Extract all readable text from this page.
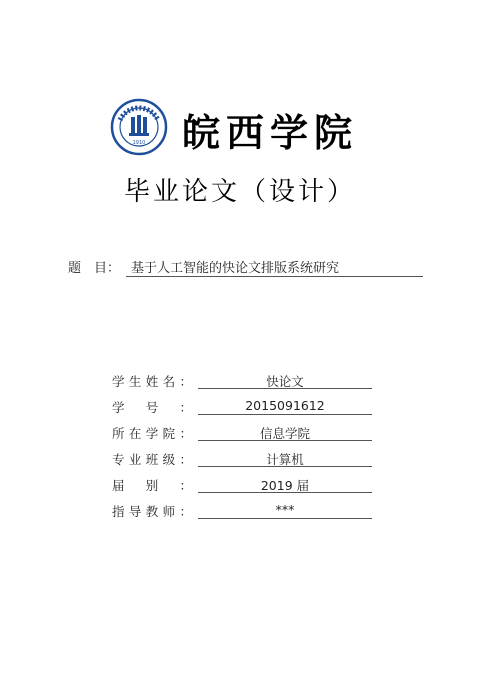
1910 皖西学院
毕业论文（设计）
题　目： 基于人工智能的快论文排版系统研究
学 生 姓 名 ：	快论文
学 号 ：	2015091612
所 在 学 院 ：	信息学院
专 业 班 级 ：	计算机
届 别 ：	2019 届
指 导 教 师 ：	***
